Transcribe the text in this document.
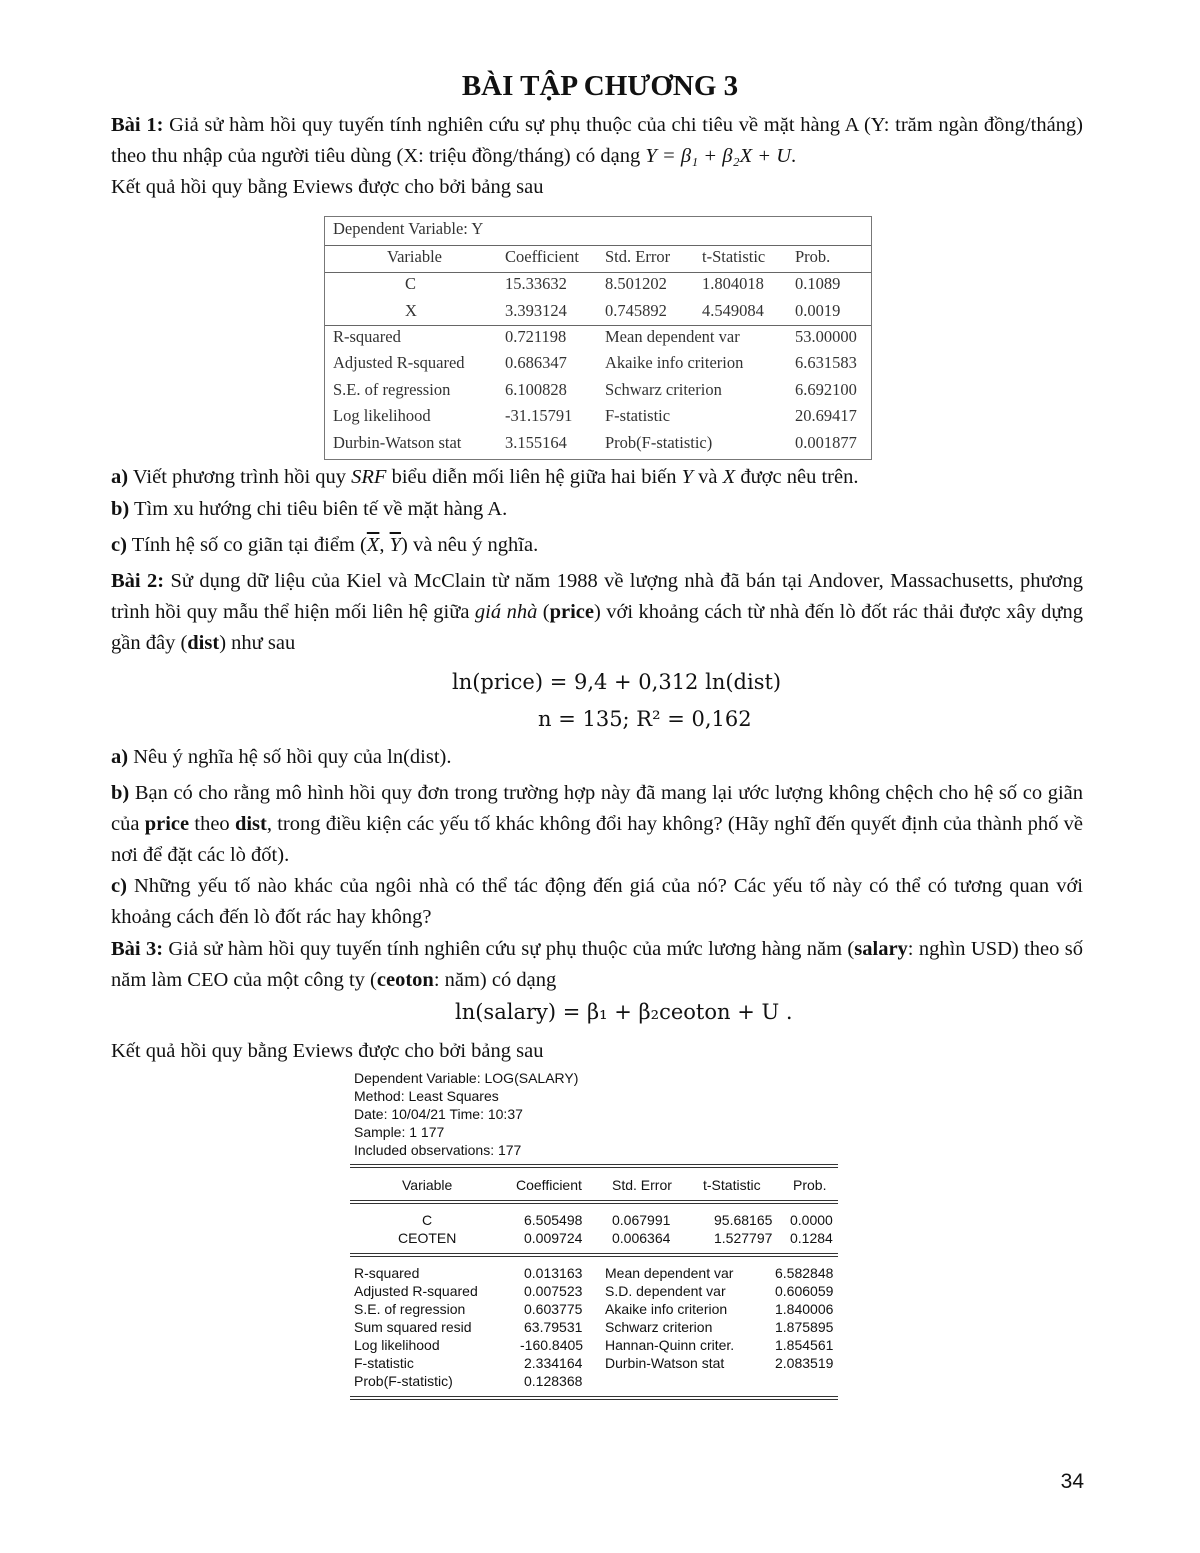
BÀI TẬP CHƯƠNG 3
Bài 1: Giả sử hàm hồi quy tuyến tính nghiên cứu sự phụ thuộc của chi tiêu về mặt hàng A (Y: trăm ngàn đồng/tháng) theo thu nhập của người tiêu dùng (X: triệu đồng/tháng) có dạng Y = β₁ + β₂X + U.
Kết quả hồi quy bằng Eviews được cho bởi bảng sau
Dependent Variable: Y
Variable	Coefficient Std. Error t-Statistic Prob.
C	15.33632 8.501202 1.804018 0.1089
X	3.393124 0.745892 4.549084 0.0019
R-squared	0.721198 Mean dependent var	53.00000
Adjusted R-squared 0.686347 Akaike info criterion	6.631583
S.E. of regression	6.100828 Schwarz criterion	6.692100
Log likelihood	-31.15791 F-statistic	20.69417
Durbin-Watson stat	3.155164 Prob(F-statistic)	0.001877
a) Viết phương trình hồi quy SRF biểu diễn mối liên hệ giữa hai biến Y và X được nêu trên.
b) Tìm xu hướng chi tiêu biên tế về mặt hàng A.
c) Tính hệ số co giãn tại điểm ($\overline{X}$, $\overline{Y}$) và nêu ý nghĩa.
Bài 2: Sử dụng dữ liệu của Kiel và McClain từ năm 1988 về lượng nhà đã bán tại Andover, Massachusetts, phương trình hồi quy mẫu thể hiện mối liên hệ giữa giá nhà (price) với khoảng cách từ nhà đến lò đốt rác thải được xây dựng gần đây (dist) như sau
ln(price) = 9,4 + 0,312 ln(dist)
n = 135; R² = 0,162
a) Nêu ý nghĩa hệ số hồi quy của ln(dist).
b) Bạn có cho rằng mô hình hồi quy đơn trong trường hợp này đã mang lại ước lượng không chệch cho hệ số co giãn của price theo dist, trong điều kiện các yếu tố khác không đổi hay không? (Hãy nghĩ đến quyết định của thành phố về nơi để đặt các lò đốt).
c) Những yếu tố nào khác của ngôi nhà có thể tác động đến giá của nó? Các yếu tố này có thể có tương quan với khoảng cách đến lò đốt rác hay không?
Bài 3: Giả sử hàm hồi quy tuyến tính nghiên cứu sự phụ thuộc của mức lương hàng năm (salary: nghìn USD) theo số năm làm CEO của một công ty (ceoton: năm) có dạng
ln(salary) = β₁ + β₂ceoton + U .
Kết quả hồi quy bằng Eviews được cho bởi bảng sau
Dependent Variable: LOG(SALARY)
Method: Least Squares
Date: 10/04/21 Time: 10:37
Sample: 1 177
Included observations: 177
Variable	Coefficient Std. Error t-Statistic Prob.
C	6.505498 0.067991	95.68165 0.0000
CEOTEN	0.009724 0.006364	1.527797 0.1284
R-squared	0.013163 Mean dependent var	6.582848
Adjusted R-squared	0.007523 S.D. dependent var	0.606059
S.E. of regression	0.603775 Akaike info criterion	1.840006
Sum squared resid	63.79531 Schwarz criterion	1.875895
Log likelihood	-160.8405 Hannan-Quinn criter.	1.854561
F-statistic	2.334164 Durbin-Watson stat	2.083519
Prob(F-statistic)	0.128368
34
